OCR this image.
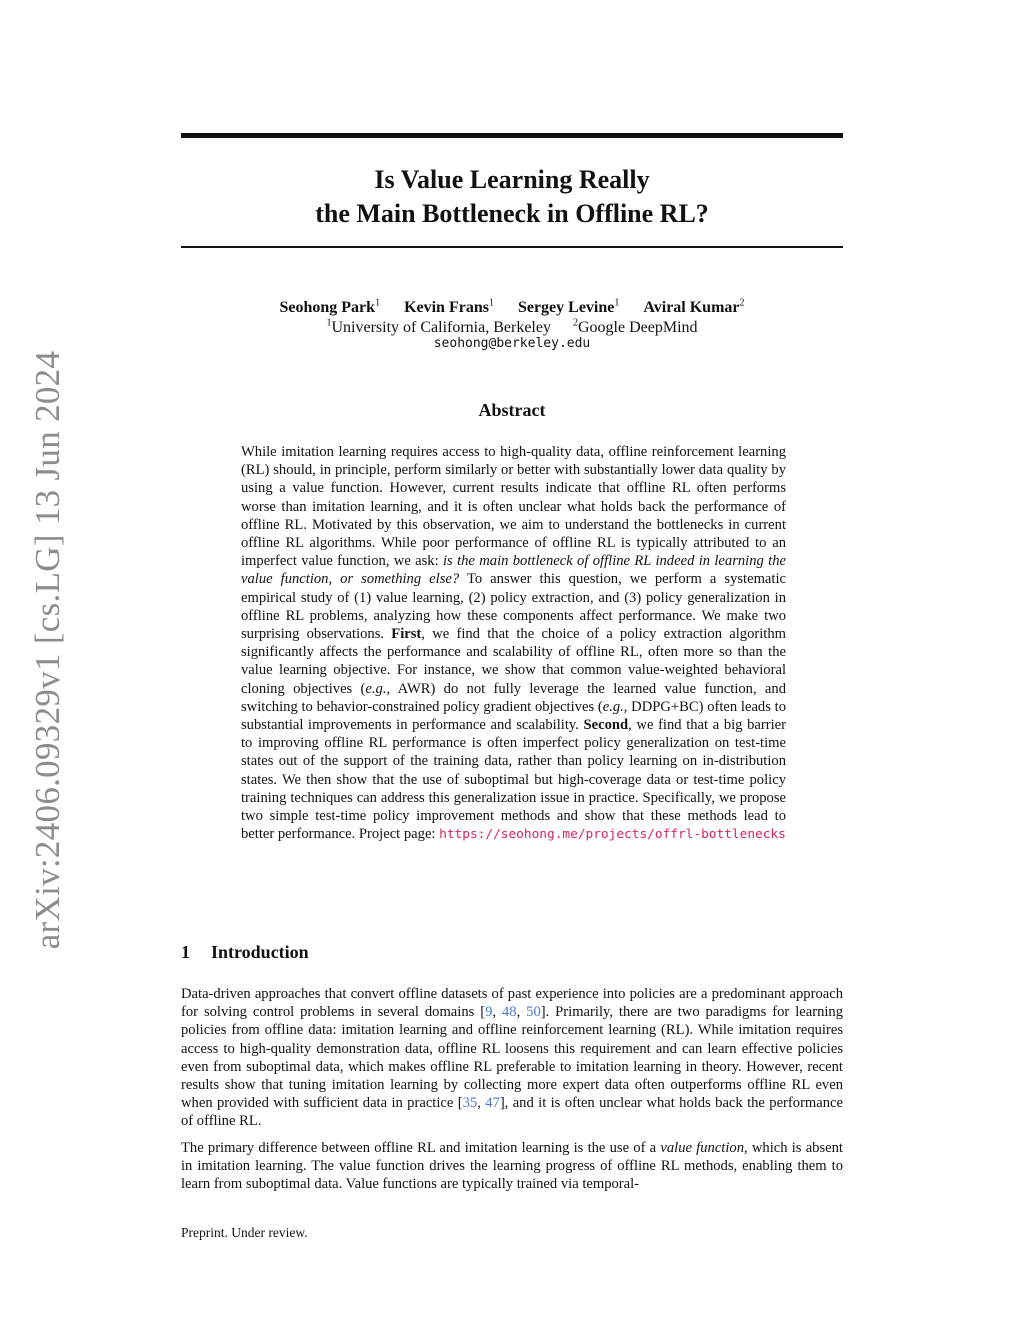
arXiv:2406.09329v1 [cs.LG] 13 Jun 2024
Is Value Learning Really
the Main Bottleneck in Offline RL?
Seohong Park$^1$ Kevin Frans$^1$ Sergey Levine$^1$ Aviral Kumar$^2$
$^1$University of California, Berkeley $^2$Google DeepMind
seohong@berkeley.edu
Abstract

While imitation learning requires access to high-quality data, offline reinforcement learning (RL) should, in principle, perform similarly or better with substantially lower data quality by using a value function. However, current results indicate that offline RL often performs worse than imitation learning, and it is often unclear what holds back the performance of offline RL. Motivated by this observation, we aim to understand the bottlenecks in current offline RL algorithms. While poor performance of offline RL is typically attributed to an imperfect value function, we ask: is the main bottleneck of offline RL indeed in learning the value function, or something else? To answer this question, we perform a systematic empirical study of (1) value learning, (2) policy extraction, and (3) policy generalization in offline RL problems, analyzing how these components affect performance. We make two surprising observations. First, we find that the choice of a policy extraction algorithm significantly affects the performance and scalability of offline RL, often more so than the value learning objective. For instance, we show that common value-weighted behavioral cloning objectives (e.g., AWR) do not fully leverage the learned value function, and switching to behavior-constrained policy gradient objectives (e.g., DDPG+BC) often leads to substantial improvements in performance and scalability. Second, we find that a big barrier to improving offline RL performance is often imperfect policy generalization on test-time states out of the support of the training data, rather than policy learning on in-distribution states. We then show that the use of suboptimal but high-coverage data or test-time policy training techniques can address this generalization issue in practice. Specifically, we propose two simple test-time policy improvement methods and show that these methods lead to better performance. Project page: https://seohong.me/projects/offrl-bottlenecks

1 Introduction

Data-driven approaches that convert offline datasets of past experience into policies are a predominant approach for solving control problems in several domains [9, 48, 50]. Primarily, there are two paradigms for learning policies from offline data: imitation learning and offline reinforcement learning (RL). While imitation requires access to high-quality demonstration data, offline RL loosens this requirement and can learn effective policies even from suboptimal data, which makes offline RL preferable to imitation learning in theory. However, recent results show that tuning imitation learning by collecting more expert data often outperforms offline RL even when provided with sufficient data in practice [35, 47], and it is often unclear what holds back the performance of offline RL.

The primary difference between offline RL and imitation learning is the use of a value function, which is absent in imitation learning. The value function drives the learning progress of offline RL methods, enabling them to learn from suboptimal data. Value functions are typically trained via temporal-

Preprint. Under review.
